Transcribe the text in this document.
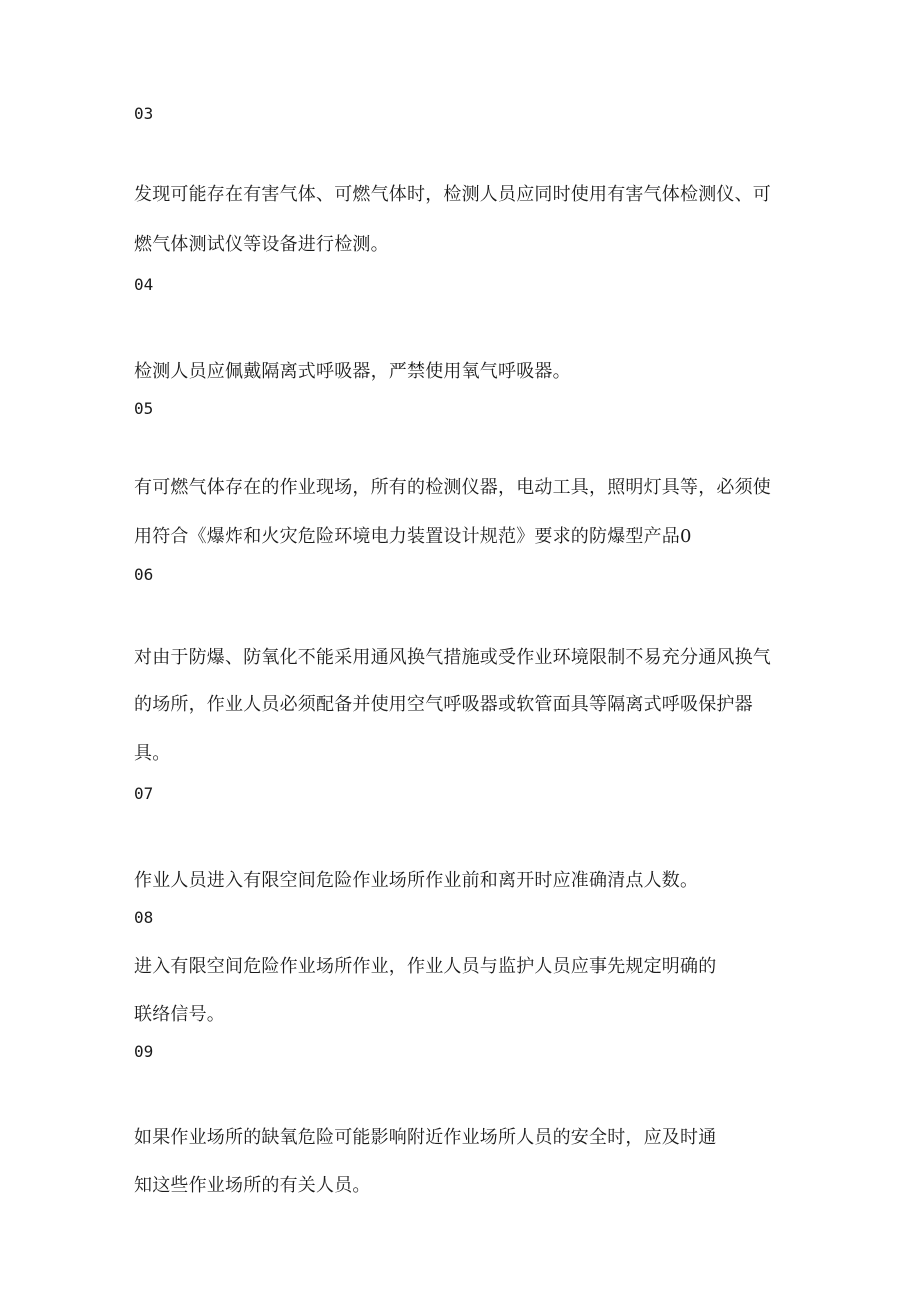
03
发现可能存在有害气体、可燃气体时，检测人员应同时使用有害气体检测仪、可
燃气体测试仪等设备进行检测。
04
检测人员应佩戴隔离式呼吸器，严禁使用氧气呼吸器。
05
有可燃气体存在的作业现场，所有的检测仪器，电动工具，照明灯具等，必须使
用符合《爆炸和火灾危险环境电力装置设计规范》要求的防爆型产品0
06
对由于防爆、防氧化不能采用通风换气措施或受作业环境限制不易充分通风换气
的场所，作业人员必须配备并使用空气呼吸器或软管面具等隔离式呼吸保护器
具。
07
作业人员进入有限空间危险作业场所作业前和离开时应准确清点人数。
08
进入有限空间危险作业场所作业，作业人员与监护人员应事先规定明确的
联络信号。
09
如果作业场所的缺氧危险可能影响附近作业场所人员的安全时，应及时通
知这些作业场所的有关人员。
